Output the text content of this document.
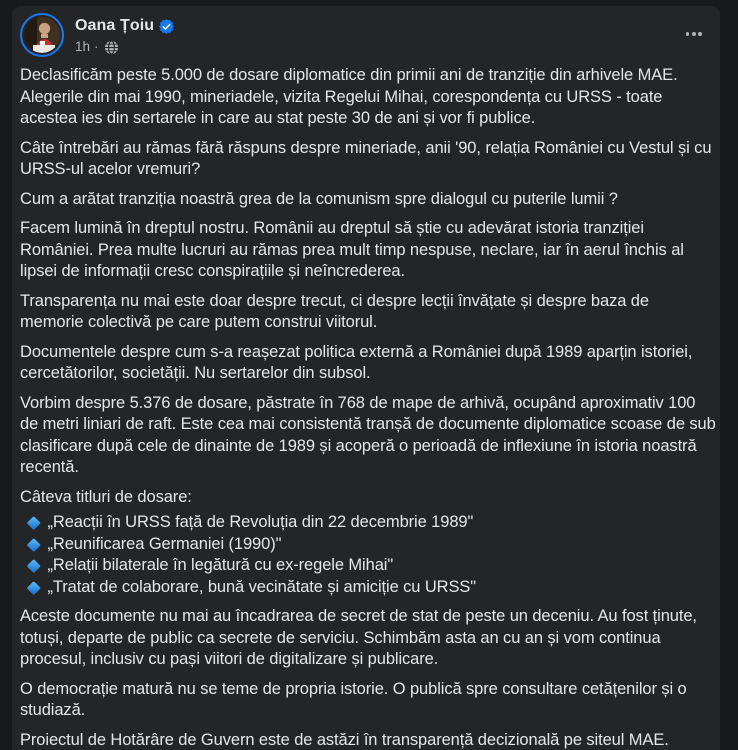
Oana Țoiu
1h ·

Declasificăm peste 5.000 de dosare diplomatice din primii ani de tranziție din arhivele MAE. Alegerile din mai 1990, mineriadele, vizita Regelui Mihai, corespondența cu URSS - toate acestea ies din sertarele in care au stat peste 30 de ani și vor fi publice.

Câte întrebări au rămas fără răspuns despre mineriade, anii '90, relația României cu Vestul și cu URSS-ul acelor vremuri?

Cum a arătat tranziția noastră grea de la comunism spre dialogul cu puterile lumii ?

Facem lumină în dreptul nostru. Românii au dreptul să știe cu adevărat istoria tranziției României. Prea multe lucruri au rămas prea mult timp nespuse, neclare, iar în aerul închis al lipsei de informații cresc conspirațiile și neîncrederea.

Transparența nu mai este doar despre trecut, ci despre lecții învățate și despre baza de memorie colectivă pe care putem construi viitorul.

Documentele despre cum s-a reașezat politica externă a României după 1989 aparțin istoriei, cercetătorilor, societății. Nu sertarelor din subsol.

Vorbim despre 5.376 de dosare, păstrate în 768 de mape de arhivă, ocupând aproximativ 100 de metri liniari de raft. Este cea mai consistentă tranșă de documente diplomatice scoase de sub clasificare după cele de dinainte de 1989 și acoperă o perioadă de inflexiune în istoria noastră recentă.

Câteva titluri de dosare:

„Reacții în URSS față de Revoluția din 22 decembrie 1989"
„Reunificarea Germaniei (1990)"
„Relații bilaterale în legătură cu ex-regele Mihai"
„Tratat de colaborare, bună vecinătate și amiciție cu URSS"

Aceste documente nu mai au încadrarea de secret de stat de peste un deceniu. Au fost ținute, totuși, departe de public ca secrete de serviciu. Schimbăm asta an cu an și vom continua procesul, inclusiv cu pași viitori de digitalizare și publicare.

O democrație matură nu se teme de propria istorie. O publică spre consultare cetățenilor și o studiază.

Proiectul de Hotărâre de Guvern este de astăzi în transparență decizională pe siteul MAE.
